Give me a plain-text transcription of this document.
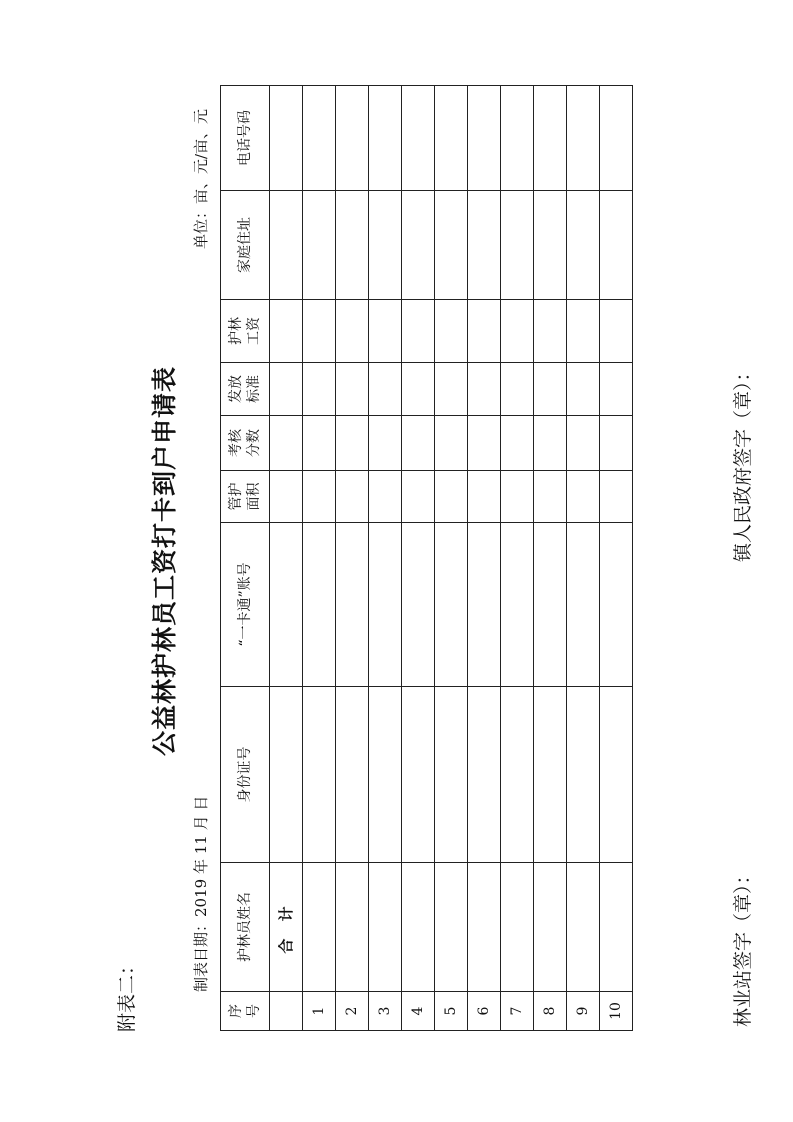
附表二：
公益林护林员工资打卡到户申请表
制表日期：2019 年 11 月 日
单位：亩、元/亩、元
序 号	护林员姓名	身份证号	“一卡通”账号	管护 面积	考核 分数	发放 标准	护林 工资	家庭住址	电话号码
	合 计								
1									
2									
3									
4									
5									
6									
7									
8									
9									
10										林业站签字（章）：
镇人民政府签字（章）：
